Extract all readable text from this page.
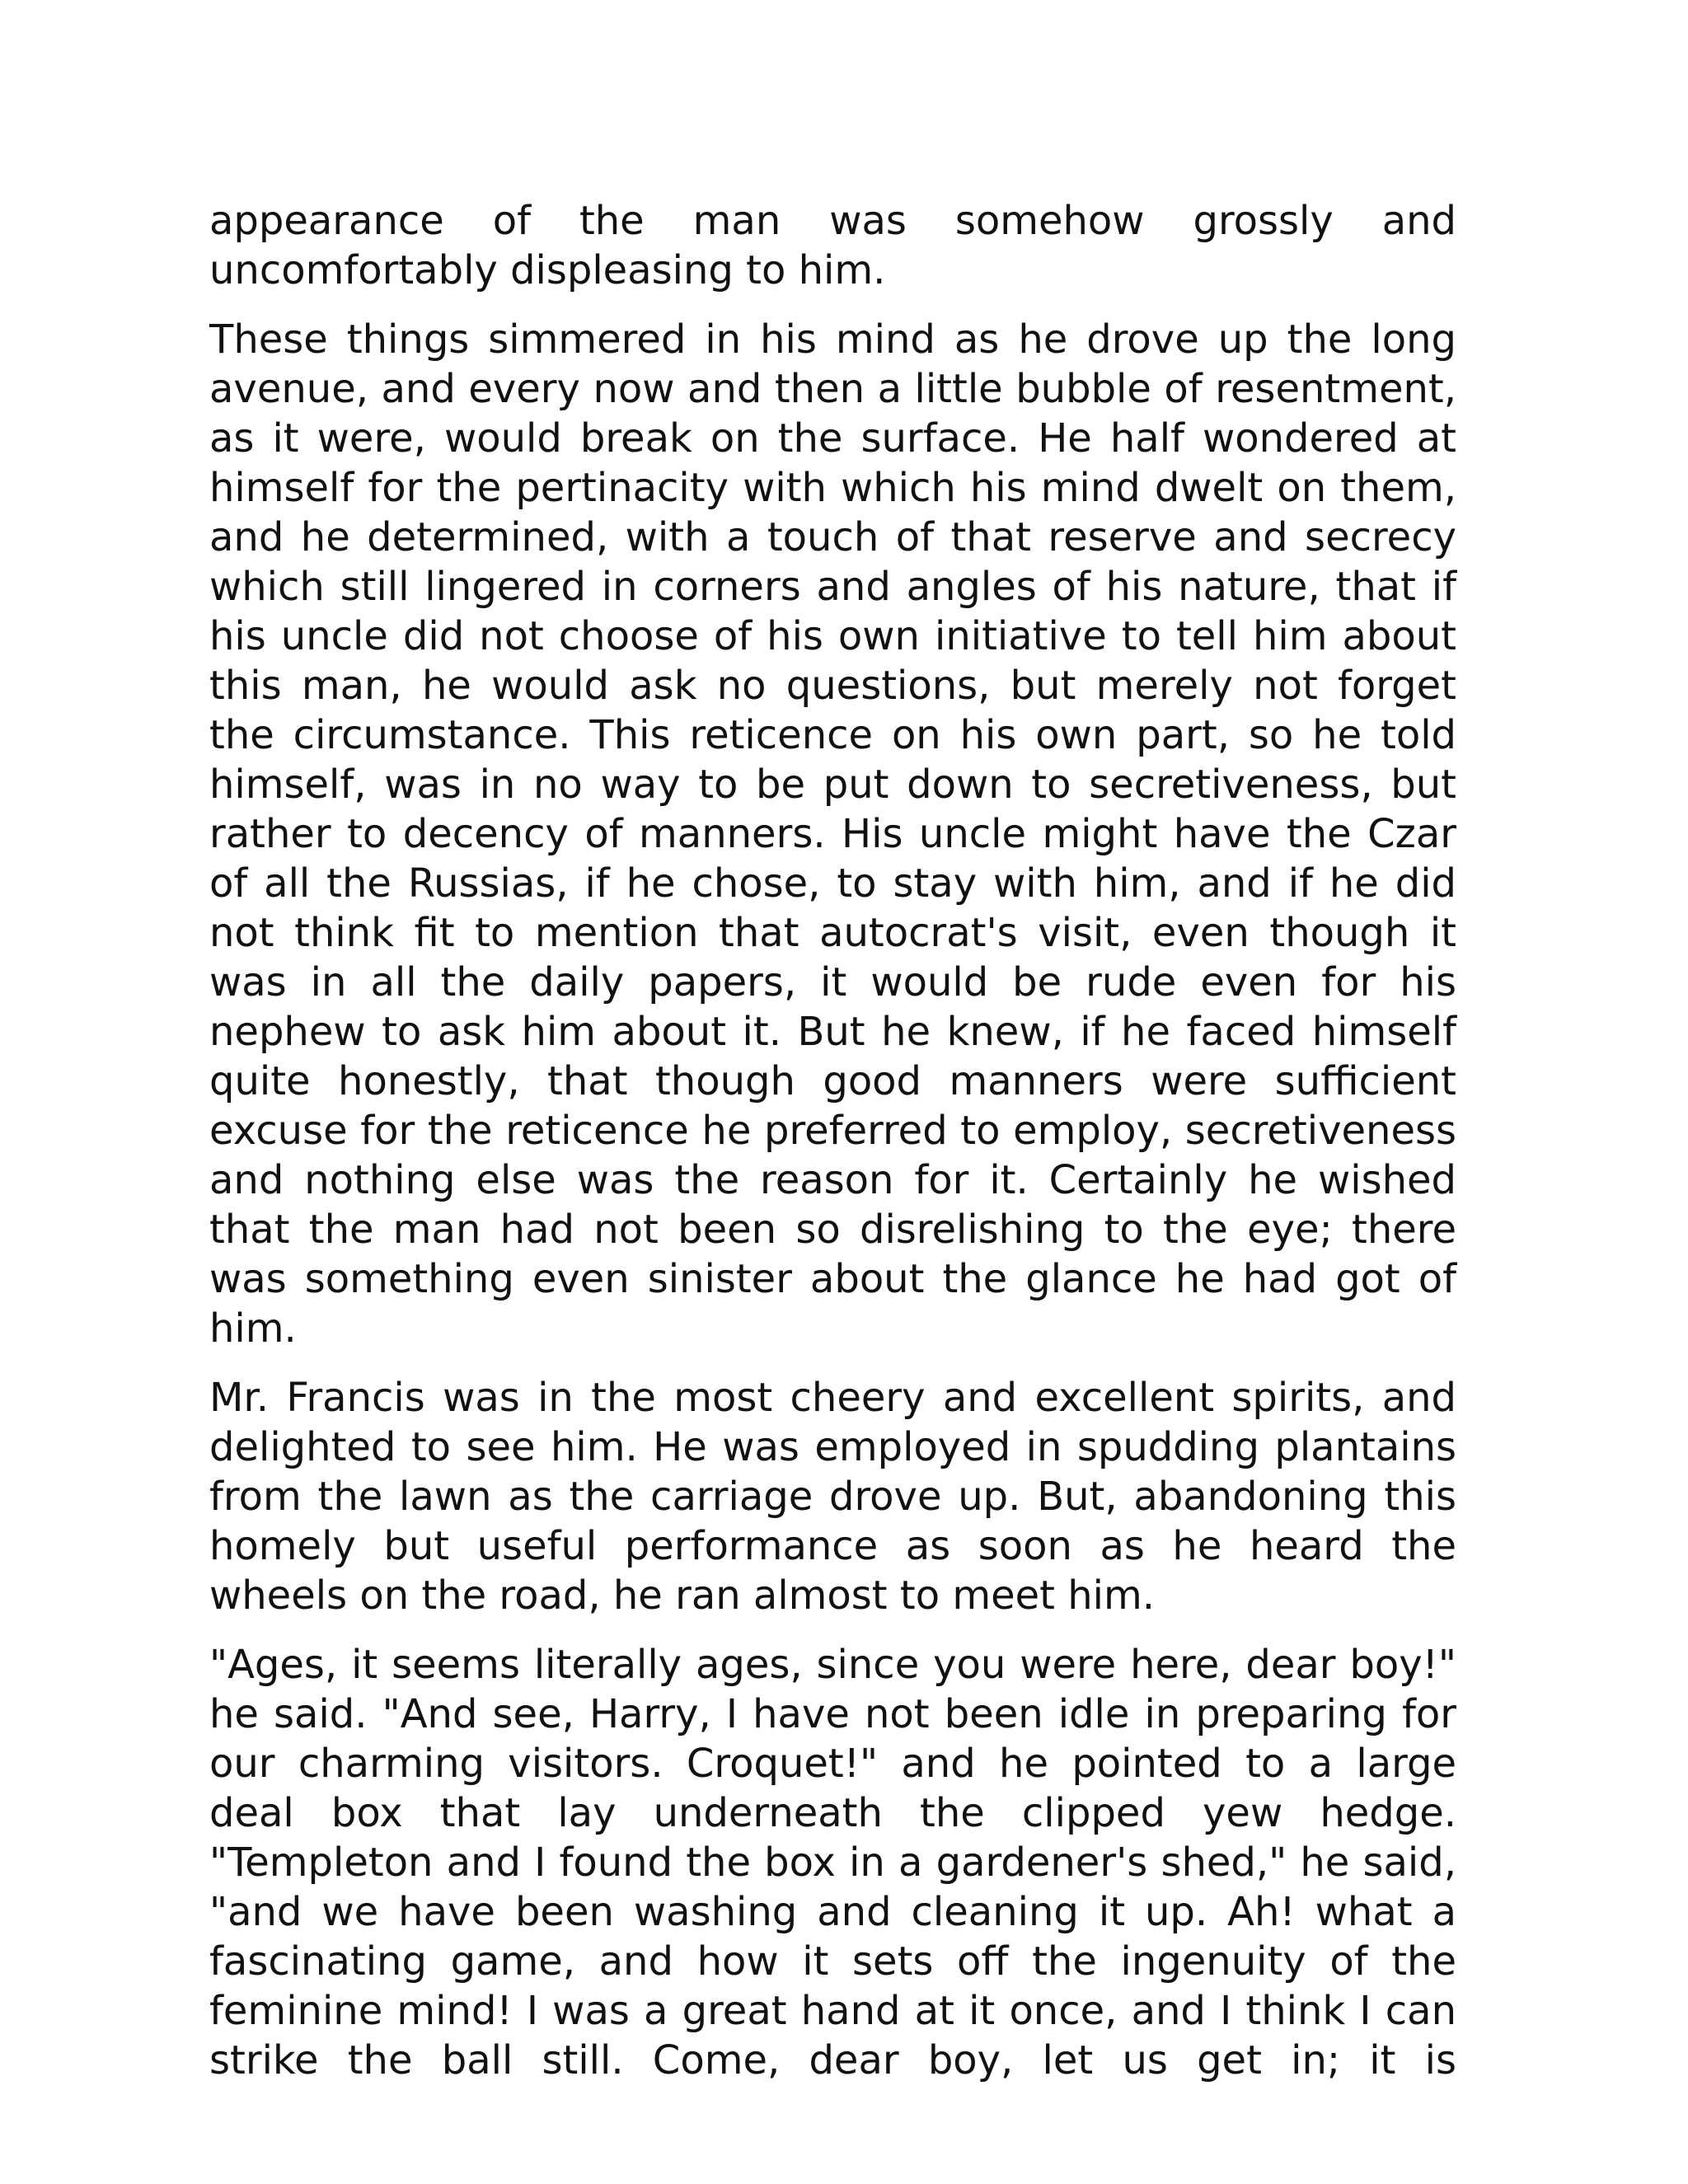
appearance of the man was somehow grossly and uncomfortably displeasing to him.

These things simmered in his mind as he drove up the long avenue, and every now and then a little bubble of resentment, as it were, would break on the surface. He half wondered at himself for the pertinacity with which his mind dwelt on them, and he determined, with a touch of that reserve and secrecy which still lingered in corners and angles of his nature, that if his uncle did not choose of his own initiative to tell him about this man, he would ask no questions, but merely not forget the circumstance. This reticence on his own part, so he told himself, was in no way to be put down to secretiveness, but rather to decency of manners. His uncle might have the Czar of all the Russias, if he chose, to stay with him, and if he did not think fit to mention that autocrat's visit, even though it was in all the daily papers, it would be rude even for his nephew to ask him about it. But he knew, if he faced himself quite honestly, that though good manners were sufficient excuse for the reticence he preferred to employ, secretiveness and nothing else was the reason for it. Certainly he wished that the man had not been so disrelishing to the eye; there was something even sinister about the glance he had got of him.

Mr. Francis was in the most cheery and excellent spirits, and delighted to see him. He was employed in spudding plantains from the lawn as the carriage drove up. But, abandoning this homely but useful performance as soon as he heard the wheels on the road, he ran almost to meet him.

"Ages, it seems literally ages, since you were here, dear boy!" he said. "And see, Harry, I have not been idle in preparing for our charming visitors. Croquet!" and he pointed to a large deal box that lay underneath the clipped yew hedge. "Templeton and I found the box in a gardener's shed," he said, "and we have been washing and cleaning it up. Ah! what a fascinating game, and how it sets off the ingenuity of the feminine mind! I was a great hand at it once, and I think I can strike the ball still. Come, dear boy, let us get in; it is
